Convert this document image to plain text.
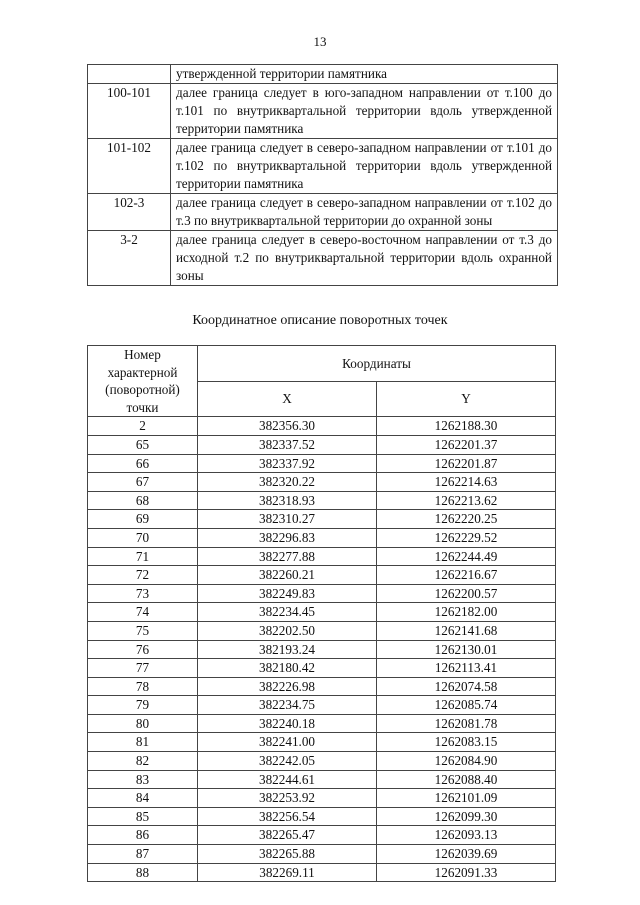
13
	утвержденной территории памятника
100-101	далее граница следует в юго-западном направлении от т.100 до т.101 по внутриквартальной территории вдоль утвержденной территории памятника
101-102	далее граница следует в северо-западном направлении от т.101 до т.102 по внутриквартальной территории вдоль утвержденной территории памятника
102-3	далее граница следует в северо-западном направлении от т.102 до т.3 по внутриквартальной территории до охранной зоны
3-2	далее граница следует в северо-восточном направлении от т.3 до исходной т.2 по внутриквартальной территории вдоль охранной зоны
Координатное описание поворотных точек
Номер характерной (поворотной) точки	Координаты	
	X	Y
2	382356.30	1262188.30
65	382337.52	1262201.37
66	382337.92	1262201.87
67	382320.22	1262214.63
68	382318.93	1262213.62
69	382310.27	1262220.25
70	382296.83	1262229.52
71	382277.88	1262244.49
72	382260.21	1262216.67
73	382249.83	1262200.57
74	382234.45	1262182.00
75	382202.50	1262141.68
76	382193.24	1262130.01
77	382180.42	1262113.41
78	382226.98	1262074.58
79	382234.75	1262085.74
80	382240.18	1262081.78
81	382241.00	1262083.15
82	382242.05	1262084.90
83	382244.61	1262088.40
84	382253.92	1262101.09
85	382256.54	1262099.30
86	382265.47	1262093.13
87	382265.88	1262039.69
88	382269.11	1262091.33
